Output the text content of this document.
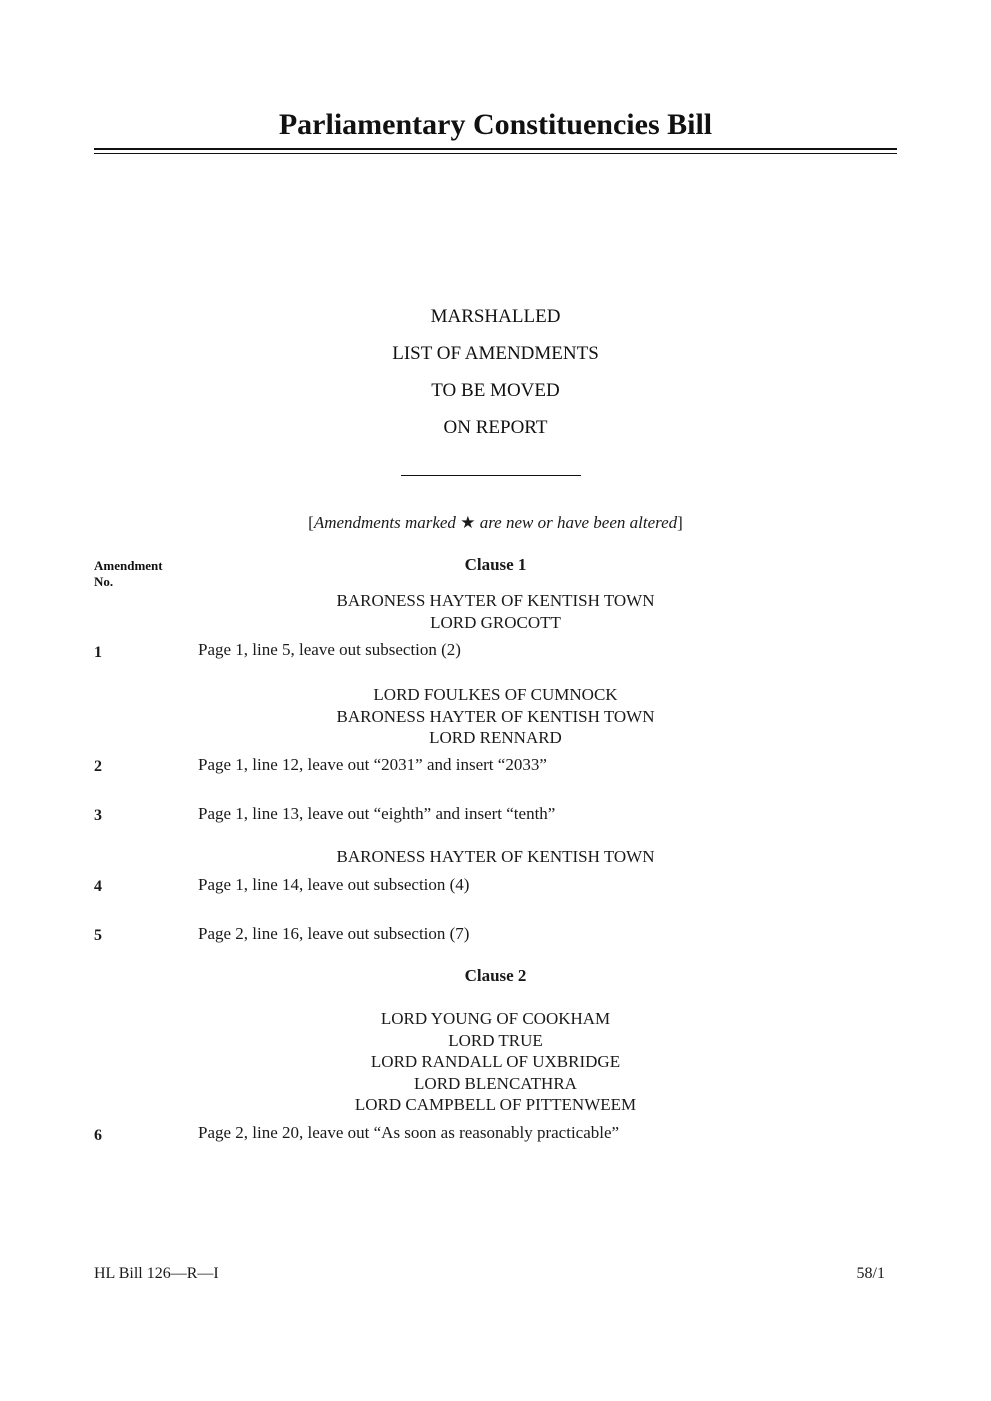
Parliamentary Constituencies Bill
MARSHALLED
LIST OF AMENDMENTS
TO BE MOVED
ON REPORT
[Amendments marked ★ are new or have been altered]
Amendment
No.
Clause 1
BARONESS HAYTER OF KENTISH TOWN
LORD GROCOTT
1	Page 1, line 5, leave out subsection (2)
LORD FOULKES OF CUMNOCK
BARONESS HAYTER OF KENTISH TOWN
LORD RENNARD
2	Page 1, line 12, leave out “2031” and insert “2033”
3	Page 1, line 13, leave out “eighth” and insert “tenth”
BARONESS HAYTER OF KENTISH TOWN
4	Page 1, line 14, leave out subsection (4)
5	Page 2, line 16, leave out subsection (7)
Clause 2
LORD YOUNG OF COOKHAM
LORD TRUE
LORD RANDALL OF UXBRIDGE
LORD BLENCATHRA
LORD CAMPBELL OF PITTENWEEM
6	Page 2, line 20, leave out “As soon as reasonably practicable”
HL Bill 126—R—I	58/1
